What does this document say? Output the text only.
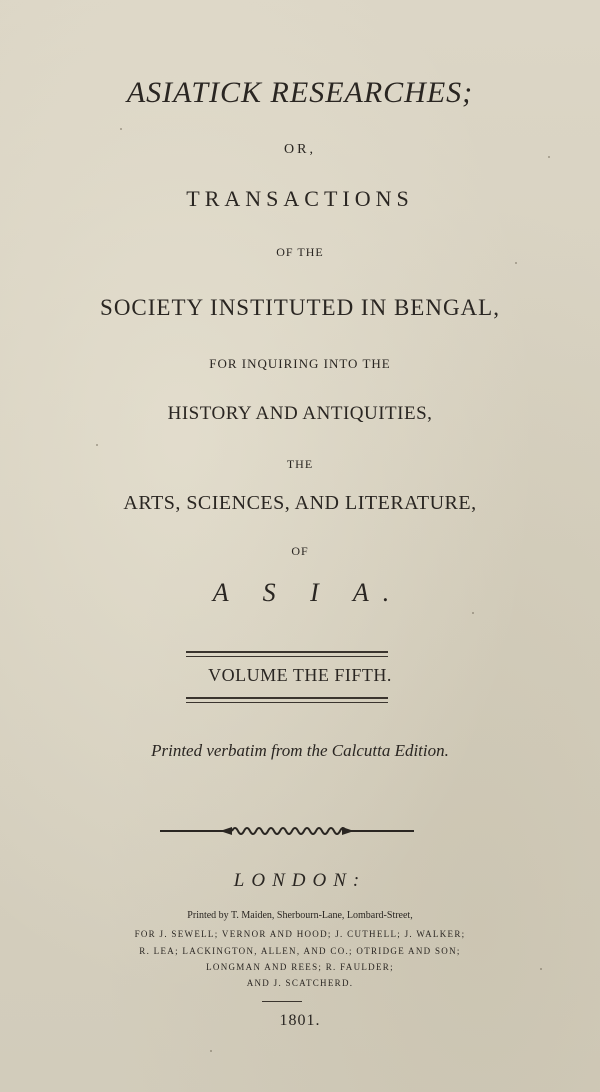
ASIATICK RESEARCHES;
OR,
TRANSACTIONS
OF THE
SOCIETY INSTITUTED IN BENGAL,
FOR INQUIRING INTO THE
HISTORY AND ANTIQUITIES,
THE
ARTS, SCIENCES, AND LITERATURE,
OF
A S I A.
VOLUME THE FIFTH.
Printed verbatim from the Calcutta Edition.
LONDON:
Printed by T. Maiden, Sherbourn-Lane, Lombard-Street,
FOR J. SEWELL; VERNOR AND HOOD; J. CUTHELL; J. WALKER;
R. LEA; LACKINGTON, ALLEN, AND CO.; OTRIDGE AND SON;
LONGMAN AND REES; R. FAULDER;
AND J. SCATCHERD.
1801.
